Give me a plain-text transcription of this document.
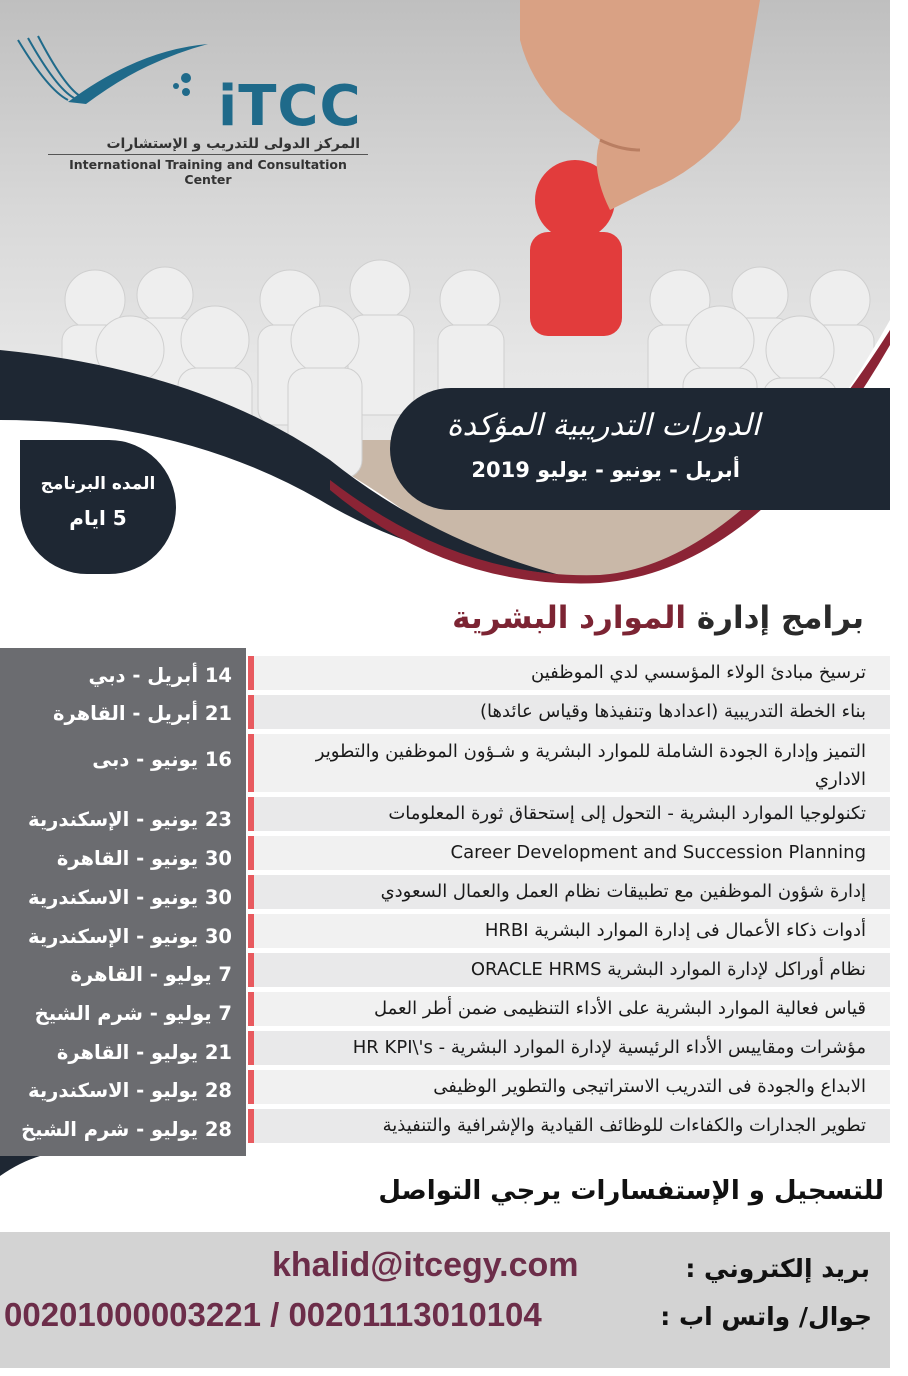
iTCC
المركز الدولى للتدريب و الإستشارات
International Training and Consultation Center
الدورات التدريبية المؤكدة
أبريل - يونيو - يوليو 2019
المده البرنامج
5 ايام
برامج إدارة الموارد البشرية
14 أبريل - دبي
21 أبريل - القاهرة
16 يونيو - دبى
23 يونيو - الإسكندرية
30 يونيو - القاهرة
30 يونيو - الاسكندرية
30 يونيو - الإسكندرية
7 يوليو - القاهرة
7 يوليو - شرم الشيخ
21 يوليو - القاهرة
28 يوليو - الاسكندرية
28 يوليو - شرم الشيخ
ترسيخ مبادئ الولاء المؤسسي لدي الموظفين
بناء الخطة التدريبية (اعدادها وتنفيذها وقياس عائدها)
التميز وإدارة الجودة الشاملة للموارد البشرية و شـؤون الموظفين والتطوير الاداري
تكنولوجيا الموارد البشرية - التحول إلى إستحقاق ثورة المعلومات
Career Development and Succession Planning
إدارة شؤون الموظفين مع تطبيقات نظام العمل والعمال السعودي
أدوات ذكاء الأعمال فى إدارة الموارد البشرية HRBI
نظام أوراكل لإدارة الموارد البشرية ORACLE HRMS
قياس فعالية الموارد البشرية على الأداء التنظيمى ضمن أطر العمل
مؤشرات ومقاييس الأداء الرئيسية لإدارة الموارد البشرية - HR KPI\'s
الابداع والجودة فى التدريب الاستراتيجى والتطوير الوظيفى
تطوير الجدارات والكفاءات للوظائف القيادية والإشرافية والتنفيذية
للتسجيل و الإستفسارات يرجي التواصل
بريد إلكتروني :
khalid@itcegy.com
جوال/ واتس اب :
00201000003221 / 00201113010104
